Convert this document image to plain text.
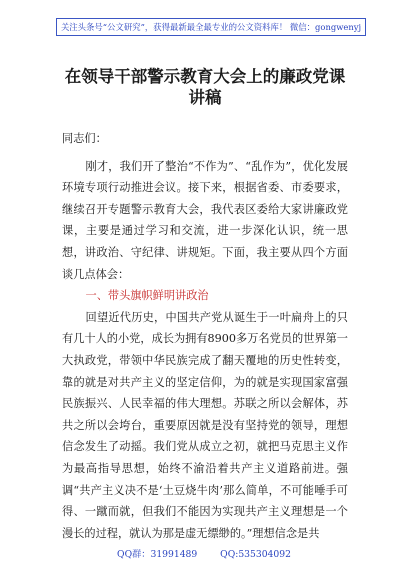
关注头条号“公文研究”，获得最新最全最专业的公文资料库！ 微信：gongwenyj
在领导干部警示教育大会上的廉政党课讲稿

同志们：

刚才，我们开了整治“不作为”、“乱作为”，优化发展环境专项行动推进会议。接下来，根据省委、市委要求，继续召开专题警示教育大会，我代表区委给大家讲廉政党课，主要是通过学习和交流，进一步深化认识，统一思想，讲政治、守纪律、讲规矩。下面，我主要从四个方面谈几点体会：

一、带头旗帜鲜明讲政治

回望近代历史，中国共产党从诞生于一叶扁舟上的只有几十人的小党，成长为拥有8900多万名党员的世界第一大执政党，带领中华民族完成了翻天覆地的历史性转变，靠的就是对共产主义的坚定信仰，为的就是实现国家富强民族振兴、人民幸福的伟大理想。苏联之所以会解体，苏共之所以会垮台，重要原因就是没有坚持党的领导，理想信念发生了动摇。我们党从成立之初，就把马克思主义作为最高指导思想，始终不渝沿着共产主义道路前进。强调“共产主义决不是‘土豆烧牛肉’那么简单，不可能唾手可得、一蹴而就，但我们不能因为实现共产主义理想是一个漫长的过程，就认为那是虚无缥缈的。”理想信念是共

QQ群：31991489 QQ:535304092
